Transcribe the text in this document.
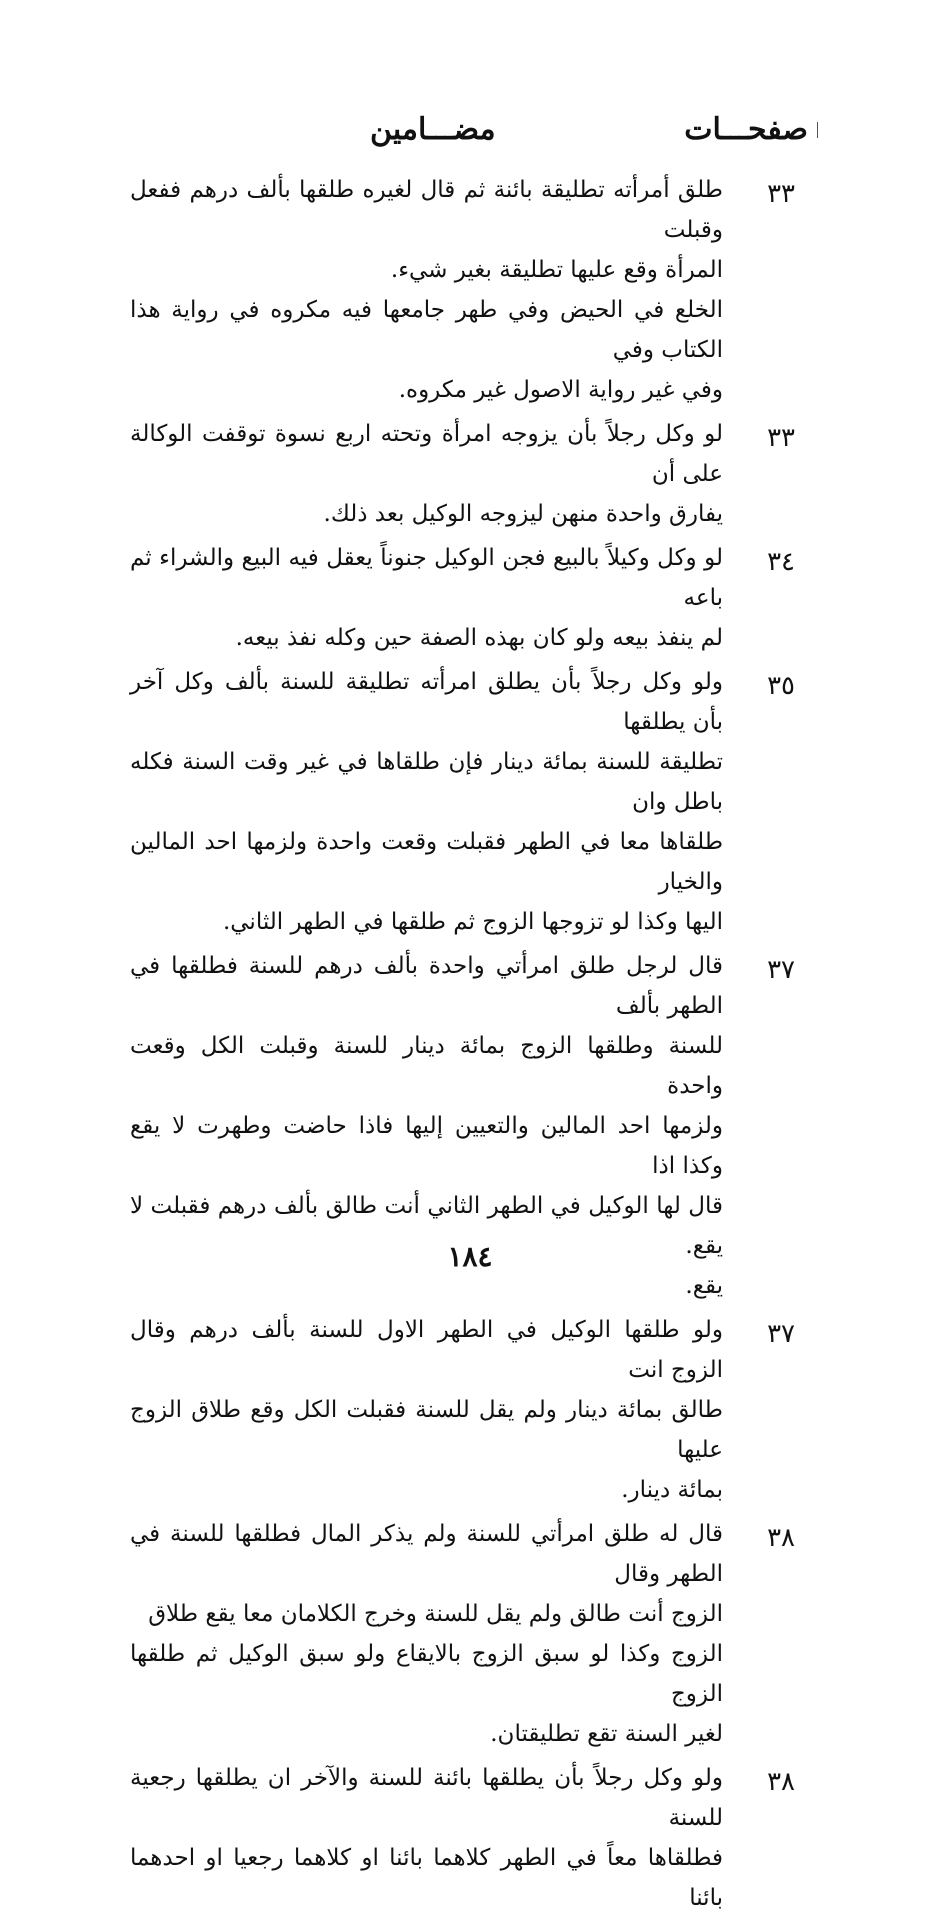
صفحـــات
مضـــامين
٣٣

طلق أمرأته تطليقة بائنة ثم قال لغيره طلقها بألف درهم ففعل وقبلت

المرأة وقع عليها تطليقة بغير شيء.

الخلع في الحيض وفي طهر جامعها فيه مكروه في رواية هذا الكتاب وفي

وفي غير رواية الاصول غير مكروه.

٣٣

لو وكل رجلاً بأن يزوجه امرأة وتحته اربع نسوة توقفت الوكالة على أن

يفارق واحدة منهن ليزوجه الوكيل بعد ذلك.

٣٤

لو وكل وكيلاً بالبيع فجن الوكيل جنوناً يعقل فيه البيع والشراء ثم باعه

لم ينفذ بيعه ولو كان بهذه الصفة حين وكله نفذ بيعه.

٣٥

ولو وكل رجلاً بأن يطلق امرأته تطليقة للسنة بألف وكل آخر بأن يطلقها

تطليقة للسنة بمائة دينار فإن طلقاها في غير وقت السنة فكله باطل وان

طلقاها معا في الطهر فقبلت وقعت واحدة ولزمها احد المالين والخيار

اليها وكذا لو تزوجها الزوج ثم طلقها في الطهر الثاني.

٣٧

قال لرجل طلق امرأتي واحدة بألف درهم للسنة فطلقها في الطهر بألف

للسنة وطلقها الزوج بمائة دينار للسنة وقبلت الكل وقعت واحدة

ولزمها احد المالين والتعيين إليها فاذا حاضت وطهرت لا يقع وكذا اذا

قال لها الوكيل في الطهر الثاني أنت طالق بألف درهم فقبلت لا يقع.

يقع.

٣٧

ولو طلقها الوكيل في الطهر الاول للسنة بألف درهم وقال الزوج انت

طالق بمائة دينار ولم يقل للسنة فقبلت الكل وقع طلاق الزوج عليها

بمائة دينار.

٣٨

قال له طلق امرأتي للسنة ولم يذكر المال فطلقها للسنة في الطهر وقال

الزوج أنت طالق ولم يقل للسنة وخرج الكلامان معا يقع طلاق

الزوج وكذا لو سبق الزوج بالايقاع ولو سبق الوكيل ثم طلقها الزوج

لغير السنة تقع تطليقتان.

٣٨

ولو وكل رجلاً بأن يطلقها بائنة للسنة والآخر ان يطلقها رجعية للسنة

فطلقاها معاً في الطهر كلاهما بائنا او كلاهما رجعيا او احدهما بائنا

١٨٤
